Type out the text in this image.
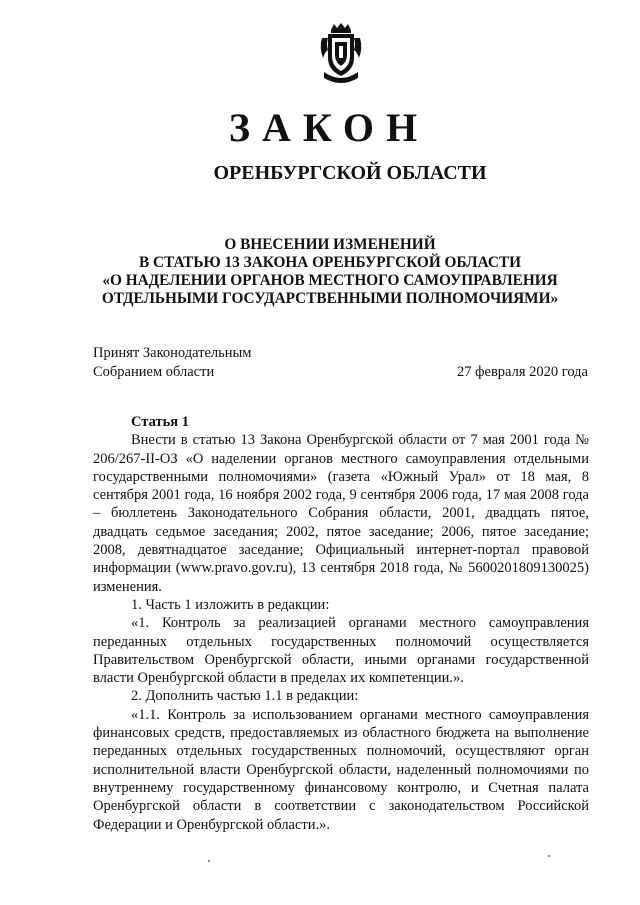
ЗАКОН
ОРЕНБУРГСКОЙ ОБЛАСТИ
О ВНЕСЕНИИ ИЗМЕНЕНИЙ
В СТАТЬЮ 13 ЗАКОНА ОРЕНБУРГСКОЙ ОБЛАСТИ
«О НАДЕЛЕНИИ ОРГАНОВ МЕСТНОГО САМОУПРАВЛЕНИЯ
ОТДЕЛЬНЫМИ ГОСУДАРСТВЕННЫМИ ПОЛНОМОЧИЯМИ»
Принят Законодательным
Собранием области	27 февраля 2020 года

Статья 1

Внести в статью 13 Закона Оренбургской области от 7 мая 2001 года № 206/267-II-ОЗ «О наделении органов местного самоуправления отдельными государственными полномочиями» (газета «Южный Урал» от 18 мая, 8 сентября 2001 года, 16 ноября 2002 года, 9 сентября 2006 года, 17 мая 2008 года – бюллетень Законодательного Собрания области, 2001, двадцать пятое, двадцать седьмое заседания; 2002, пятое заседание; 2006, пятое заседание; 2008, девятнадцатое заседание; Официальный интернет-портал правовой информации (www.pravo.gov.ru), 13 сентября 2018 года, № 5600201809130025) изменения.

1. Часть 1 изложить в редакции:

«1. Контроль за реализацией органами местного самоуправления переданных отдельных государственных полномочий осуществляется Правительством Оренбургской области, иными органами государственной власти Оренбургской области в пределах их компетенции.».

2. Дополнить частью 1.1 в редакции:

«1.1. Контроль за использованием органами местного самоуправления финансовых средств, предоставляемых из областного бюджета на выполнение переданных отдельных государственных полномочий, осуществляют орган исполнительной власти Оренбургской области, наделенный полномочиями по внутреннему государственному финансовому контролю, и Счетная палата Оренбургской области в соответствии с законодательством Российской Федерации и Оренбургской области.».
